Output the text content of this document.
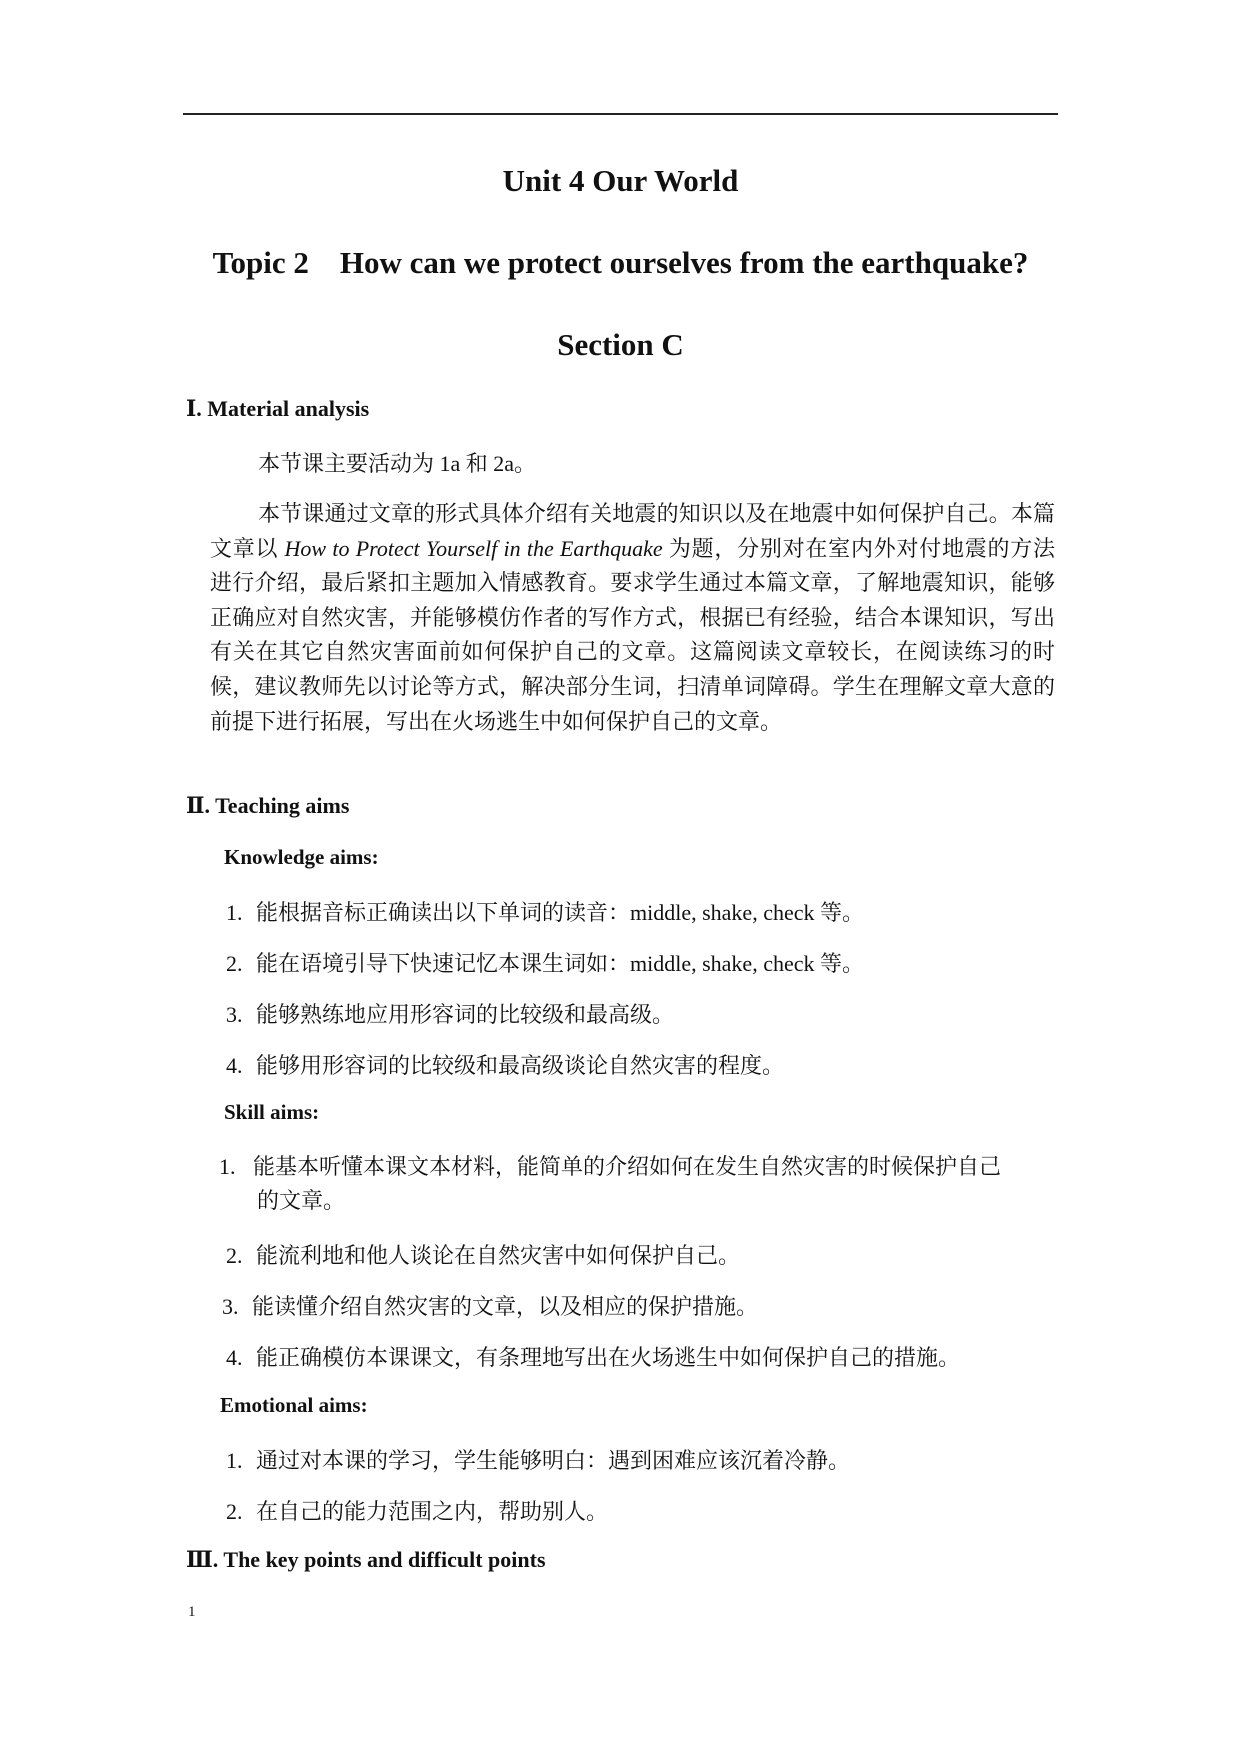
Unit 4 Our World
Topic 2    How can we protect ourselves from the earthquake?
Section C
Ⅰ. Material analysis
本节课主要活动为 1a 和 2a。
本节课通过文章的形式具体介绍有关地震的知识以及在地震中如何保护自己。本篇文章以 How to Protect Yourself in the Earthquake 为题，分别对在室内外对付地震的方法进行介绍，最后紧扣主题加入情感教育。要求学生通过本篇文章，了解地震知识，能够正确应对自然灾害，并能够模仿作者的写作方式，根据已有经验，结合本课知识，写出有关在其它自然灾害面前如何保护自己的文章。这篇阅读文章较长，在阅读练习的时候，建议教师先以讨论等方式，解决部分生词，扫清单词障碍。学生在理解文章大意的前提下进行拓展，写出在火场逃生中如何保护自己的文章。
Ⅱ. Teaching aims
Knowledge aims:
1. 能根据音标正确读出以下单词的读音：middle, shake, check 等。
2. 能在语境引导下快速记忆本课生词如：middle, shake, check 等。
3. 能够熟练地应用形容词的比较级和最高级。
4. 能够用形容词的比较级和最高级谈论自然灾害的程度。
Skill aims:
1. 能基本听懂本课文本材料，能简单的介绍如何在发生自然灾害的时候保护自己
的文章。
2. 能流利地和他人谈论在自然灾害中如何保护自己。
3. 能读懂介绍自然灾害的文章，以及相应的保护措施。
4. 能正确模仿本课课文，有条理地写出在火场逃生中如何保护自己的措施。
Emotional aims:
1. 通过对本课的学习，学生能够明白：遇到困难应该沉着冷静。
2. 在自己的能力范围之内，帮助别人。
Ⅲ. The key points and difficult points
1
